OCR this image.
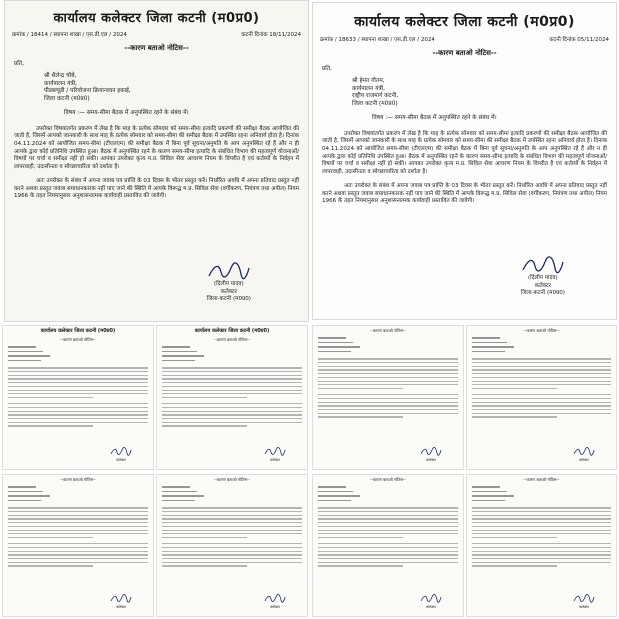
कार्यालय कलेक्टर जिला कटनी (म0प्र0)
क्रमांक / 18414 / स्थापना शाखा / एस.डी.एल / 2024	कटनी दिनांक 18/11/2024
--कारण बताओ नोटिस--
प्रति,
श्री शैलेन्द्र चौबे,
कार्यपालन यंत्री,
पीडब्ल्यूडी / परियोजना क्रियान्वयन इकाई,
जिला कटनी (म0प्र0)
विषय :— समय-सीमा बैठक में अनुपस्थित रहने के संबंध में।
उपरोक्त विषयांतर्गत प्रकरण में लेख है कि माह के प्रत्येक सोमवार को समय-सीमा इत्यादि प्रकरणों की समीक्षा बैठक आयोजित की जाती है, जिसमें आपको जानकारी के साथ माह के प्रत्येक सोमवार को समय-सीमा की समीक्षा बैठक में उपस्थित रहना अनिवार्य होता है। दिनांक 04.11.2024 को आयोजित समय-सीमा (टीएलएम) की समीक्षा बैठक में बिना पूर्व सूचना/अनुमति के आप अनुपस्थित रहे हैं और न ही आपके द्वारा कोई प्रतिनिधि उपस्थित हुआ। बैठक में अनुपस्थित रहने के कारण समय-सीमा इत्यादि के संबंधित विभाग की महत्वपूर्ण योजनाओं/विषयों पर चर्चा व समीक्षा नहीं हो सकी। आपका उपरोक्त कृत्य म.प्र. सिविल सेवा आचरण नियम के विपरीत है एवं कर्तव्यों के निर्वहन में लापरवाही, उदासीनता व स्वेच्छाचारिता को दर्शाता है।
अतः उपरोक्त के संबंध में अपना जवाब पत्र प्राप्ति के 03 दिवस के भीतर प्रस्तुत करें। निर्धारित अवधि में अपना प्रतिवाद प्रस्तुत नहीं करने अथवा प्रस्तुत जवाब समाधानकारक नहीं पाए जाने की स्थिति में आपके विरूद्ध म.प्र. सिविल सेवा (वर्गीकरण, नियंत्रण तथा अपील) नियम 1966 के तहत नियमानुसार अनुशासनात्मक कार्यवाही प्रस्तावित की जावेगी।
(दिलीप यादव)
कलेक्टर
जिला-कटनी (म0प्र0)
कार्यालय कलेक्टर जिला कटनी (म0प्र0)
क्रमांक / 18633 / स्थापना शाखा / एस.डी.एल / 2024	कटनी दिनांक 05/11/2024
--कारण बताओ नोटिस--
प्रति,
श्री हेमंत गौतम,
कार्यपालन यंत्री,
राष्ट्रीय राजमार्ग कटनी,
जिला कटनी (म0प्र0)
विषय :— समय-सीमा बैठक में अनुपस्थित रहने के संबंध में।
उपरोक्त विषयांतर्गत प्रकरण में लेख है कि माह के प्रत्येक सोमवार को समय-सीमा इत्यादि प्रकरणों की समीक्षा बैठक आयोजित की जाती है, जिसमें आपको जानकारी के साथ माह के प्रत्येक सोमवार को समय-सीमा की समीक्षा बैठक में उपस्थित रहना अनिवार्य होता है। दिनांक 04.11.2024 को आयोजित समय-सीमा (टीएलएम) की समीक्षा बैठक में बिना पूर्व सूचना/अनुमति के आप अनुपस्थित रहे हैं और न ही आपके द्वारा कोई प्रतिनिधि उपस्थित हुआ। बैठक में अनुपस्थित रहने के कारण समय-सीमा इत्यादि के संबंधित विभाग की महत्वपूर्ण योजनाओं/विषयों पर चर्चा व समीक्षा नहीं हो सकी। आपका उपरोक्त कृत्य म.प्र. सिविल सेवा आचरण नियम के विपरीत है एवं कर्तव्यों के निर्वहन में लापरवाही, उदासीनता व स्वेच्छाचारिता को दर्शाता है।
अतः उपरोक्त के संबंध में अपना जवाब पत्र प्राप्ति के 03 दिवस के भीतर प्रस्तुत करें। निर्धारित अवधि में अपना प्रतिवाद प्रस्तुत नहीं करने अथवा प्रस्तुत जवाब समाधानकारक नहीं पाए जाने की स्थिति में आपके विरूद्ध म.प्र. सिविल सेवा (वर्गीकरण, नियंत्रण तथा अपील) नियम 1966 के तहत नियमानुसार अनुशासनात्मक कार्यवाही प्रस्तावित की जावेगी।
(दिलीप यादव)
कलेक्टर
जिला-कटनी (म0प्र0)
कार्यालय कलेक्टर जिला कटनी (म0प्र0)
--कारण बताओ नोटिस--
कलेक्टर
कार्यालय कलेक्टर जिला कटनी (म0प्र0)
--कारण बताओ नोटिस--
कलेक्टर
--कारण बताओ नोटिस--
कलेक्टर
--कारण बताओ नोटिस--
कलेक्टर
--कारण बताओ नोटिस--
कलेक्टर
--कारण बताओ नोटिस--
कलेक्टर
--कारण बताओ नोटिस--
कलेक्टर
--कारण बताओ नोटिस--
कलेक्टर
